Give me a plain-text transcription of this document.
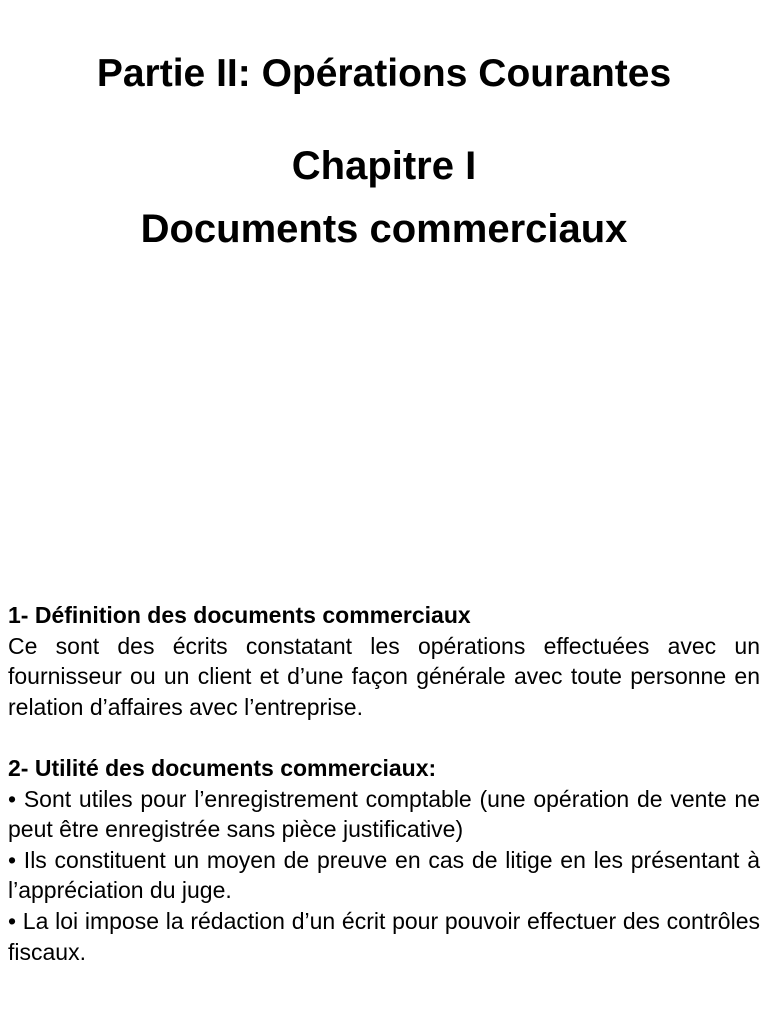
Partie II: Opérations Courantes
Chapitre I
Documents commerciaux
1- Définition des documents commerciaux
Ce sont des écrits constatant les opérations effectuées avec un fournisseur ou un client et d’une façon générale avec toute personne en relation d’affaires avec l’entreprise.
2- Utilité des documents commerciaux:
• Sont utiles pour l’enregistrement comptable (une opération de vente ne peut être enregistrée sans pièce justificative)
• Ils constituent un moyen de preuve en cas de litige en les présentant à l’appréciation du juge.
• La loi impose la rédaction d’un écrit pour pouvoir effectuer des contrôles fiscaux.
